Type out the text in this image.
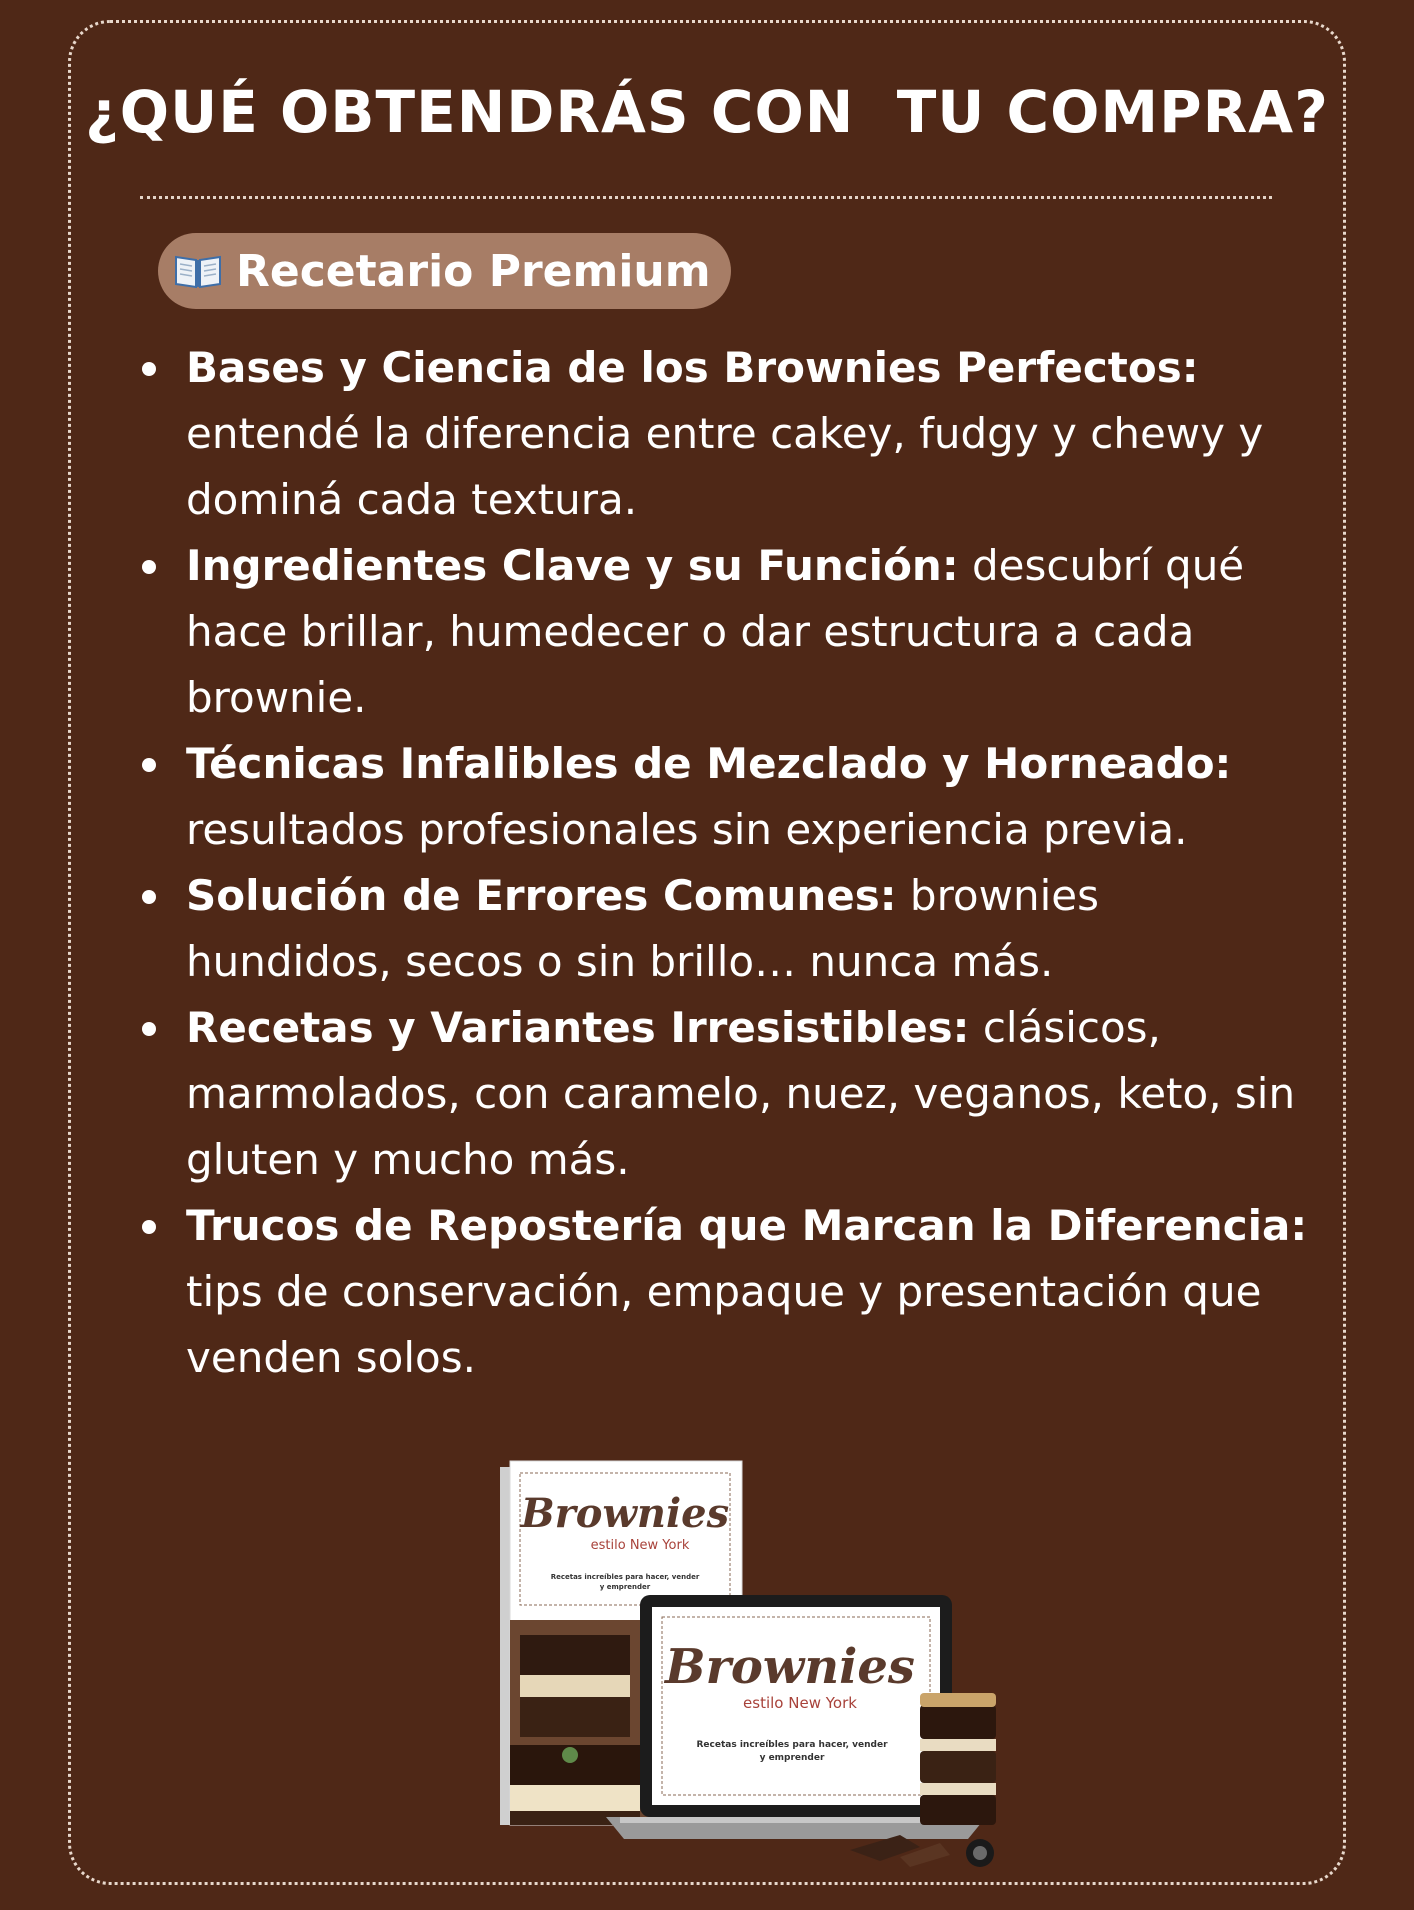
¿QUÉ OBTENDRÁS CON  TU COMPRA?
Recetario Premium
Bases y Ciencia de los Brownies Perfectos: entendé la diferencia entre cakey, fudgy y chewy y dominá cada textura.
Ingredientes Clave y su Función: descubrí qué hace brillar, humedecer o dar estructura a cada brownie.
Técnicas Infalibles de Mezclado y Horneado: resultados profesionales sin experiencia previa.
Solución de Errores Comunes: brownies hundidos, secos o sin brillo… nunca más.
Recetas y Variantes Irresistibles: clásicos, marmolados, con caramelo, nuez, veganos, keto, sin gluten y mucho más.
Trucos de Repostería que Marcan la Diferencia: tips de conservación, empaque y presentación que venden solos.
Brownies
estilo New York
Recetas increíbles para hacer, vender
y emprender
Brownies
estilo New York
Recetas increíbles para hacer, vender
y emprender
